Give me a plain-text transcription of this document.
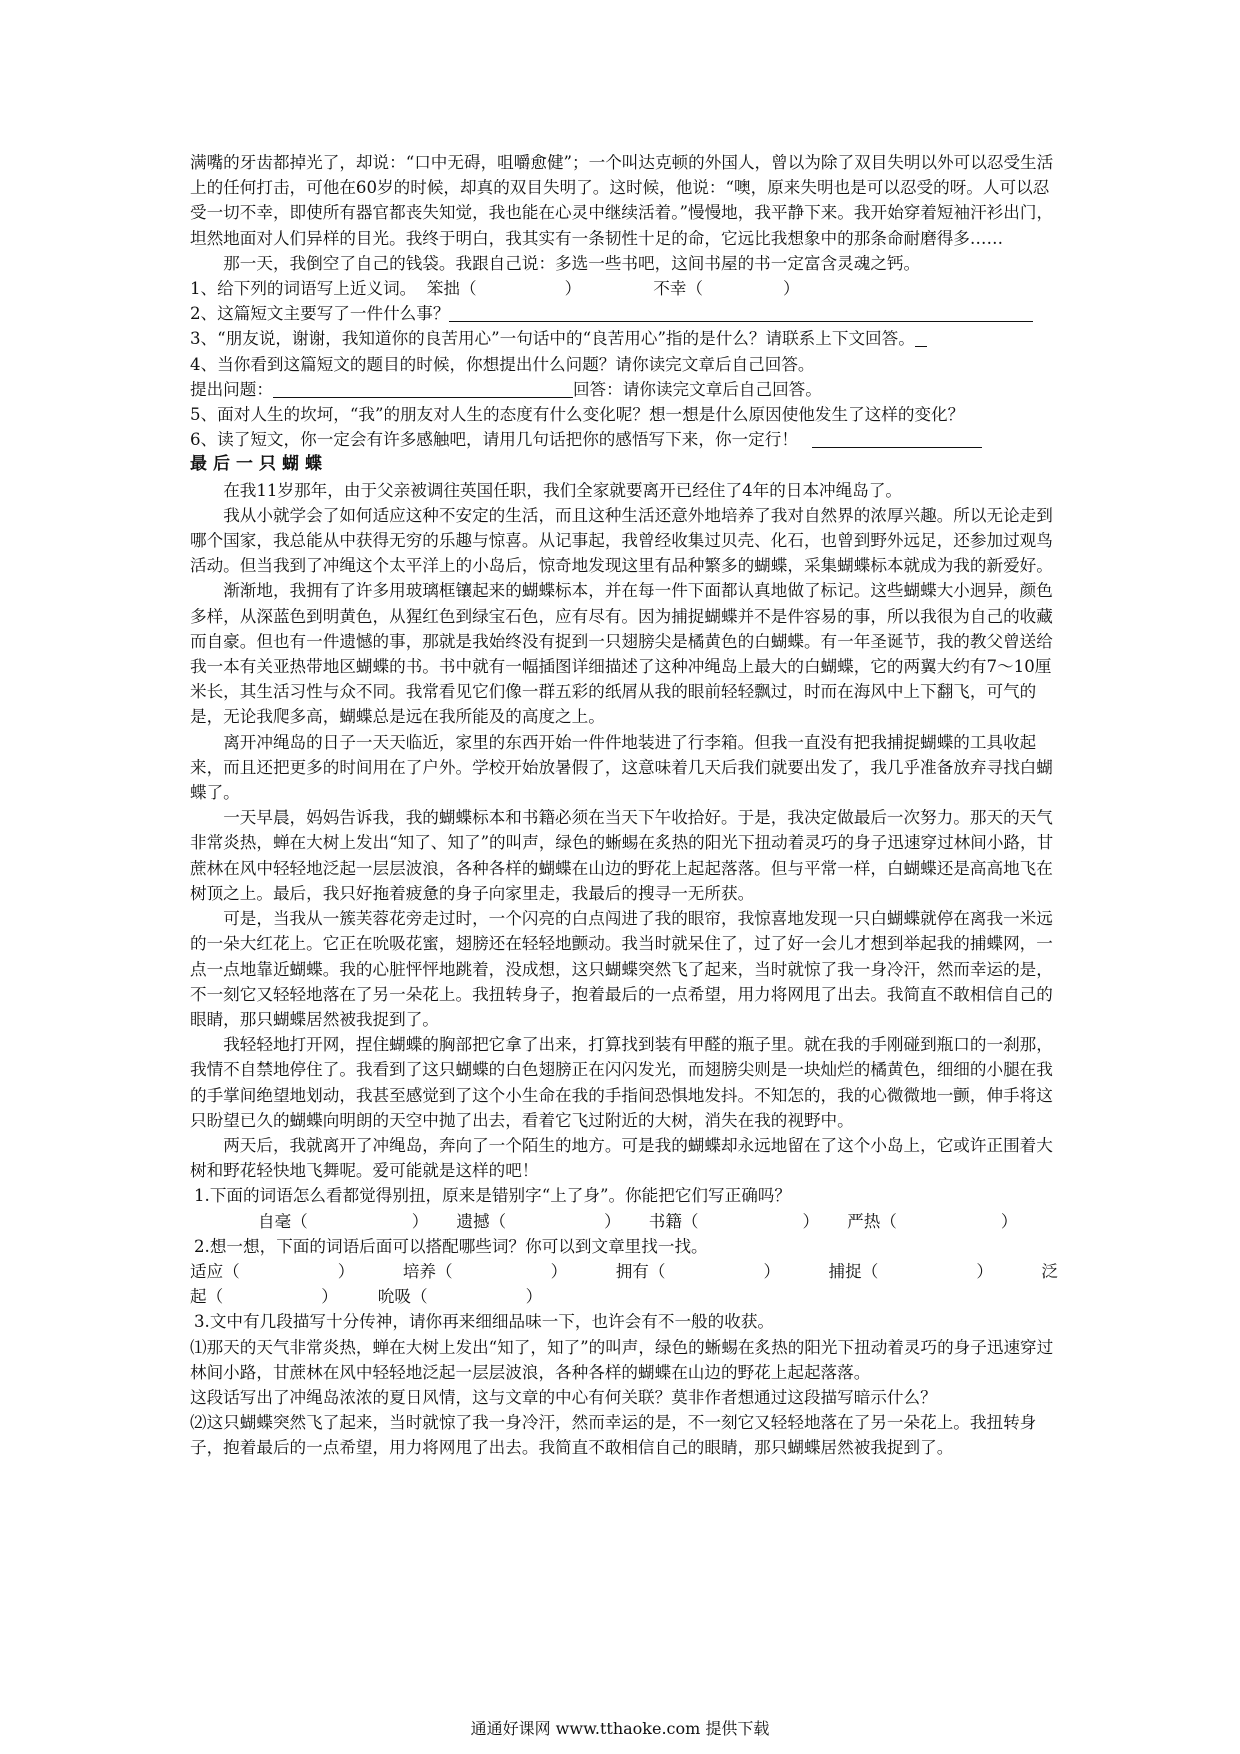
满嘴的牙齿都掉光了，却说：“口中无碍，咀嚼愈健”；一个叫达克顿的外国人，曾以为除了双目失明以外可以忍受生活上的任何打击，可他在60岁的时候，却真的双目失明了。这时候，他说：“噢，原来失明也是可以忍受的呀。人可以忍受一切不幸，即使所有器官都丧失知觉，我也能在心灵中继续活着。”慢慢地，我平静下来。我开始穿着短袖汗衫出门，坦然地面对人们异样的目光。我终于明白，我其实有一条韧性十足的命，它远比我想象中的那条命耐磨得多……

那一天，我倒空了自己的钱袋。我跟自己说：多选一些书吧，这间书屋的书一定富含灵魂之钙。

1、给下列的词语写上近义词。 笨拙（	）	不幸（	）

2、这篇短文主要写了一件什么事？

3、“朋友说，谢谢，我知道你的良苦用心”一句话中的“良苦用心”指的是什么？请联系上下文回答。

4、当你看到这篇短文的题目的时候，你想提出什么问题？请你读完文章后自己回答。

提出问题：	回答：请你读完文章后自己回答。

5、面对人生的坎坷，“我”的朋友对人生的态度有什么变化呢？想一想是什么原因使他发生了这样的变化？

6、读了短文，你一定会有许多感触吧，请用几句话把你的感悟写下来，你一定行！

最后一只蝴蝶

在我11岁那年，由于父亲被调往英国任职，我们全家就要离开已经住了4年的日本冲绳岛了。

我从小就学会了如何适应这种不安定的生活，而且这种生活还意外地培养了我对自然界的浓厚兴趣。所以无论走到哪个国家，我总能从中获得无穷的乐趣与惊喜。从记事起，我曾经收集过贝壳、化石，也曾到野外远足，还参加过观鸟活动。但当我到了冲绳这个太平洋上的小岛后，惊奇地发现这里有品种繁多的蝴蝶，采集蝴蝶标本就成为我的新爱好。

渐渐地，我拥有了许多用玻璃框镶起来的蝴蝶标本，并在每一件下面都认真地做了标记。这些蝴蝶大小迥异，颜色多样，从深蓝色到明黄色，从猩红色到绿宝石色，应有尽有。因为捕捉蝴蝶并不是件容易的事，所以我很为自己的收藏而自豪。但也有一件遗憾的事，那就是我始终没有捉到一只翅膀尖是橘黄色的白蝴蝶。有一年圣诞节，我的教父曾送给我一本有关亚热带地区蝴蝶的书。书中就有一幅插图详细描述了这种冲绳岛上最大的白蝴蝶，它的两翼大约有7～10厘米长，其生活习性与众不同。我常看见它们像一群五彩的纸屑从我的眼前轻轻飘过，时而在海风中上下翻飞，可气的是，无论我爬多高，蝴蝶总是远在我所能及的高度之上。

离开冲绳岛的日子一天天临近，家里的东西开始一件件地装进了行李箱。但我一直没有把我捕捉蝴蝶的工具收起来，而且还把更多的时间用在了户外。学校开始放暑假了，这意味着几天后我们就要出发了，我几乎准备放弃寻找白蝴蝶了。

一天早晨，妈妈告诉我，我的蝴蝶标本和书籍必须在当天下午收拾好。于是，我决定做最后一次努力。那天的天气非常炎热，蝉在大树上发出“知了、知了”的叫声，绿色的蜥蜴在炙热的阳光下扭动着灵巧的身子迅速穿过林间小路，甘蔗林在风中轻轻地泛起一层层波浪，各种各样的蝴蝶在山边的野花上起起落落。但与平常一样，白蝴蝶还是高高地飞在树顶之上。最后，我只好拖着疲惫的身子向家里走，我最后的搜寻一无所获。

可是，当我从一簇芙蓉花旁走过时，一个闪亮的白点闯进了我的眼帘，我惊喜地发现一只白蝴蝶就停在离我一米远的一朵大红花上。它正在吮吸花蜜，翅膀还在轻轻地颤动。我当时就呆住了，过了好一会儿才想到举起我的捕蝶网，一点一点地靠近蝴蝶。我的心脏怦怦地跳着，没成想，这只蝴蝶突然飞了起来，当时就惊了我一身冷汗，然而幸运的是，不一刻它又轻轻地落在了另一朵花上。我扭转身子，抱着最后的一点希望，用力将网甩了出去。我简直不敢相信自己的眼睛，那只蝴蝶居然被我捉到了。

我轻轻地打开网，捏住蝴蝶的胸部把它拿了出来，打算找到装有甲醛的瓶子里。就在我的手刚碰到瓶口的一刹那，我情不自禁地停住了。我看到了这只蝴蝶的白色翅膀正在闪闪发光，而翅膀尖则是一块灿烂的橘黄色，细细的小腿在我的手掌间绝望地划动，我甚至感觉到了这个小生命在我的手指间恐惧地发抖。不知怎的，我的心微微地一颤，伸手将这只盼望已久的蝴蝶向明朗的天空中抛了出去，看着它飞过附近的大树，消失在我的视野中。

两天后，我就离开了冲绳岛，奔向了一个陌生的地方。可是我的蝴蝶却永远地留在了这个小岛上，它或许正围着大树和野花轻快地飞舞呢。爱可能就是这样的吧！

1.下面的词语怎么看都觉得别扭，原来是错别字“上了身”。你能把它们写正确吗？

自毫（	） 遗撼（	） 书籍（	） 严热（	）

2.想一想，下面的词语后面可以搭配哪些词？你可以到文章里找一找。

适应（	）	培养（	）	拥有（	）	捕捉（	）	泛

起（	） 吮吸（	）

3.文中有几段描写十分传神，请你再来细细品味一下，也许会有不一般的收获。

⑴那天的天气非常炎热，蝉在大树上发出“知了，知了”的叫声，绿色的蜥蜴在炙热的阳光下扭动着灵巧的身子迅速穿过林间小路，甘蔗林在风中轻轻地泛起一层层波浪，各种各样的蝴蝶在山边的野花上起起落落。

这段话写出了冲绳岛浓浓的夏日风情，这与文章的中心有何关联？莫非作者想通过这段描写暗示什么？

⑵这只蝴蝶突然飞了起来，当时就惊了我一身冷汗，然而幸运的是，不一刻它又轻轻地落在了另一朵花上。我扭转身子，抱着最后的一点希望，用力将网甩了出去。我简直不敢相信自己的眼睛，那只蝴蝶居然被我捉到了。

通通好课网 www.tthaoke.com 提供下载
